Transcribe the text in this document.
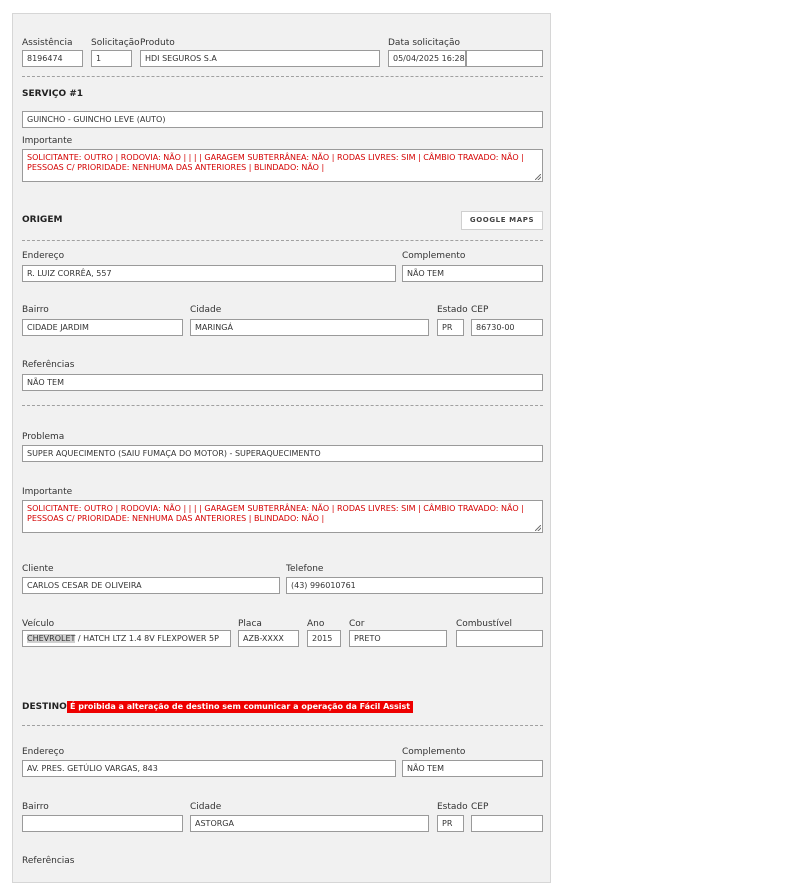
Assistência
8196474
Solicitação
1
Produto
HDI SEGUROS S.A
Data solicitação
05/04/2025 16:28
SERVIÇO #1
GUINCHO - GUINCHO LEVE (AUTO)
Importante
SOLICITANTE: OUTRO | RODOVIA: NÃO | | | | GARAGEM SUBTERRÂNEA: NÃO | RODAS LIVRES: SIM | CÂMBIO TRAVADO: NÃO | PESSOAS C/ PRIORIDADE: NENHUMA DAS ANTERIORES | BLINDADO: NÃO |
ORIGEM	GOOGLE MAPS
Endereço
R. LUIZ CORRÊA, 557
Complemento
NÃO TEM
Bairro
CIDADE JARDIM
Cidade
MARINGÁ
Estado
PR
CEP
86730-00
Referências
NÃO TEM
Problema
SUPER AQUECIMENTO (SAIU FUMAÇA DO MOTOR) - SUPERAQUECIMENTO
Importante
SOLICITANTE: OUTRO | RODOVIA: NÃO | | | | GARAGEM SUBTERRÂNEA: NÃO | RODAS LIVRES: SIM | CÂMBIO TRAVADO: NÃO | PESSOAS C/ PRIORIDADE: NENHUMA DAS ANTERIORES | BLINDADO: NÃO |
Cliente
CARLOS CESAR DE OLIVEIRA
Telefone
(43) 996010761
Veículo
CHEVROLET / HATCH LTZ 1.4 8V FLEXPOWER 5P
Placa
AZB-XXXX
Ano
2015
Cor
PRETO
Combustível
DESTINO É proibida a alteração de destino sem comunicar a operação da Fácil Assist
Endereço
AV. PRES. GETÚLIO VARGAS, 843
Complemento
NÃO TEM
Bairro	Cidade
ASTORGA
Estado
PR
CEP
Referências
